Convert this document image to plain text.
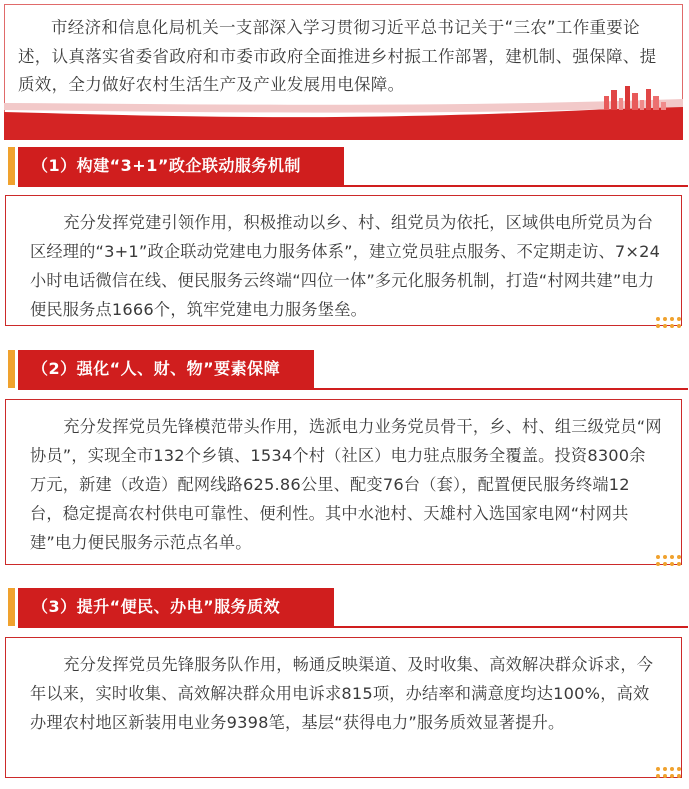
市经济和信息化局机关一支部深入学习贯彻习近平总书记关于“三农”工作重要论述，认真落实省委省政府和市委市政府全面推进乡村振工作部署，建机制、强保障、提质效，全力做好农村生活生产及产业发展用电保障。

（1）构建“3+1”政企联动服务机制

充分发挥党建引领作用，积极推动以乡、村、组党员为依托，区域供电所党员为台区经理的“3+1”政企联动党建电力服务体系”，建立党员驻点服务、不定期走访、7×24小时电话微信在线、便民服务云终端“四位一体”多元化服务机制，打造“村网共建”电力便民服务点1666个，筑牢党建电力服务堡垒。

（2）强化“人、财、物”要素保障

充分发挥党员先锋模范带头作用，选派电力业务党员骨干，乡、村、组三级党员“网协员”，实现全市132个乡镇、1534个村（社区）电力驻点服务全覆盖。投资8300余万元，新建（改造）配网线路625.86公里、配变76台（套），配置便民服务终端12台，稳定提高农村供电可靠性、便利性。其中水池村、天雄村入选国家电网“村网共建”电力便民服务示范点名单。

（3）提升“便民、办电”服务质效

充分发挥党员先锋服务队作用，畅通反映渠道、及时收集、高效解决群众诉求，今年以来，实时收集、高效解决群众用电诉求815项，办结率和满意度均达100%，高效办理农村地区新装用电业务9398笔，基层“获得电力”服务质效显著提升。
